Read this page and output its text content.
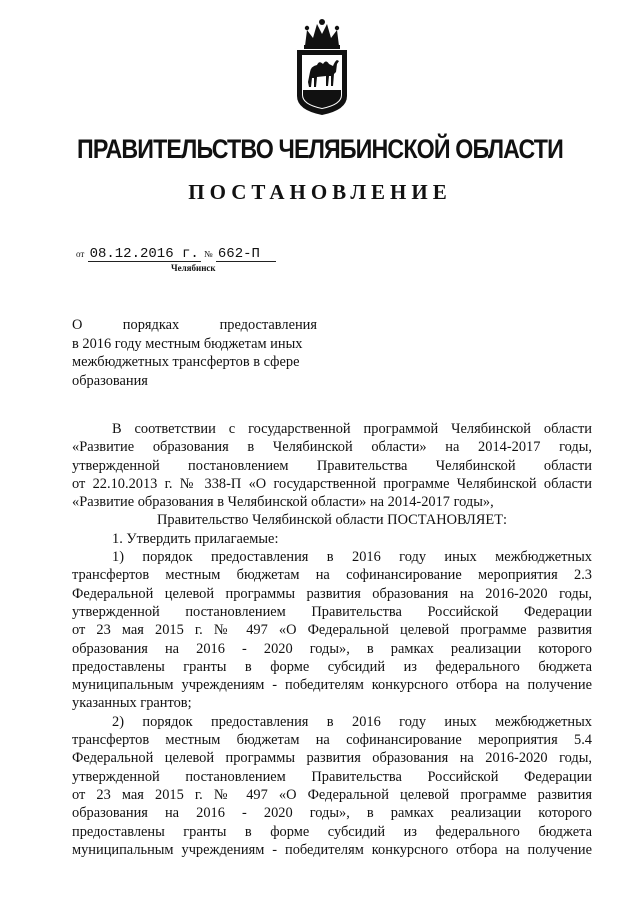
ПРАВИТЕЛЬСТВО ЧЕЛЯБИНСКОЙ ОБЛАСТИ
ПОСТАНОВЛЕНИЕ
от 08.12.2016 г. № 662-П
Челябинск
О порядках предоставления
в 2016 году местным бюджетам иных
межбюджетных трансфертов в сфере
образования
В соответствии с государственной программой Челябинской области
«Развитие образования в Челябинской области» на 2014-2017 годы,
утвержденной постановлением Правительства Челябинской области
от 22.10.2013 г. № 338-П «О государственной программе Челябинской области
«Развитие образования в Челябинской области» на 2014-2017 годы»,
Правительство Челябинской области ПОСТАНОВЛЯЕТ:
1. Утвердить прилагаемые:
1) порядок предоставления в 2016 году иных межбюджетных
трансфертов местным бюджетам на софинансирование мероприятия 2.3
Федеральной целевой программы развития образования на 2016-2020 годы,
утвержденной постановлением Правительства Российской Федерации
от 23 мая 2015 г. № 497 «О Федеральной целевой программе развития
образования на 2016 - 2020 годы», в рамках реализации которого
предоставлены гранты в форме субсидий из федерального бюджета
муниципальным учреждениям - победителям конкурсного отбора на получение
указанных грантов;
2) порядок предоставления в 2016 году иных межбюджетных
трансфертов местным бюджетам на софинансирование мероприятия 5.4
Федеральной целевой программы развития образования на 2016-2020 годы,
утвержденной постановлением Правительства Российской Федерации
от 23 мая 2015 г. № 497 «О Федеральной целевой программе развития
образования на 2016 - 2020 годы», в рамках реализации которого
предоставлены гранты в форме субсидий из федерального бюджета
муниципальным учреждениям - победителям конкурсного отбора на получение
